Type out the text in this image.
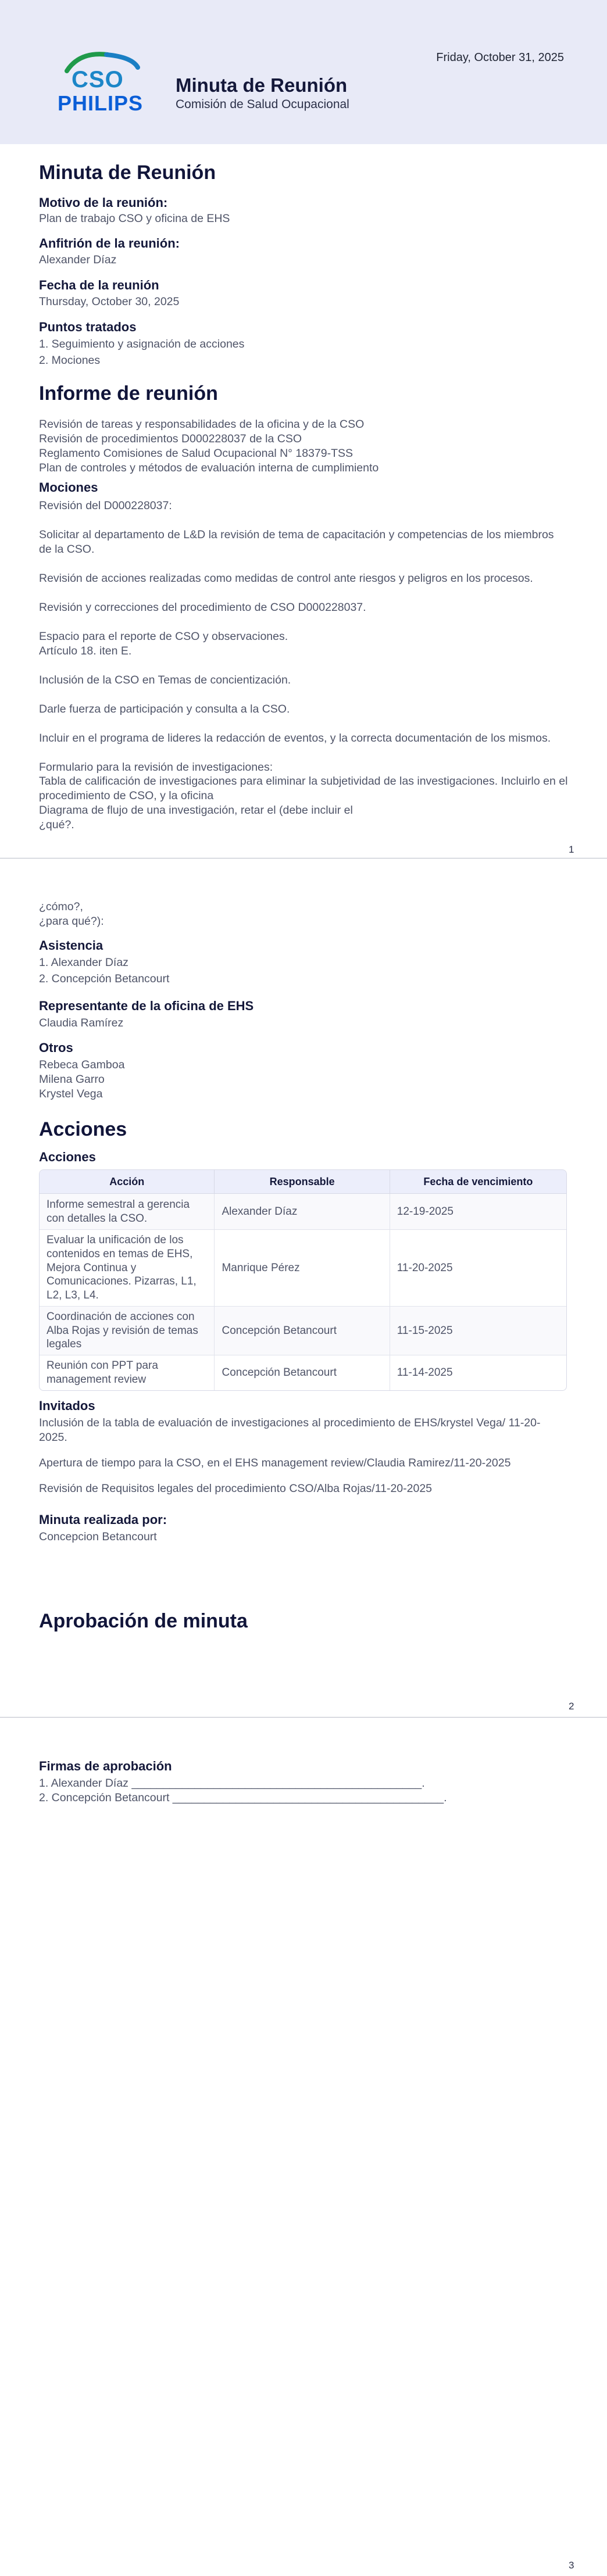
Friday, October 31, 2025
CSO
PHILIPS
Minuta de Reunión
Comisión de Salud Ocupacional
Minuta de Reunión
Motivo de la reunión:
Plan de trabajo CSO y oficina de EHS
Anfitrión de la reunión:
Alexander Díaz
Fecha de la reunión
Thursday, October 30, 2025
Puntos tratados
1. Seguimiento y asignación de acciones
2. Mociones
Informe de reunión

Revisión de tareas y responsabilidades de la oficina y de la CSO

Revisión de procedimientos D000228037 de la CSO

Reglamento Comisiones de Salud Ocupacional N° 18379-TSS

Plan de controles y métodos de evaluación interna de cumplimiento

Mociones

Revisión del D000228037:

Solicitar al departamento de L&D la revisión de tema de capacitación y competencias de los miembros de la CSO.

Revisión de acciones realizadas como medidas de control ante riesgos y peligros en los procesos.

Revisión y correcciones del procedimiento de CSO D000228037.

Espacio para el reporte de CSO y observaciones.

Artículo 18. iten E.

Inclusión de la CSO en Temas de concientización.

Darle fuerza de participación y consulta a la CSO.

Incluir en el programa de lideres la redacción de eventos, y la correcta documentación de los mismos.

Formulario para la revisión de investigaciones:

Tabla de calificación de investigaciones para eliminar la subjetividad de las investigaciones. Incluirlo en el procedimiento de CSO, y la oficina

Diagrama de flujo de una investigación, retar el (debe incluir el

¿qué?.

1

¿cómo?,

¿para qué?):

Asistencia

1. Alexander Díaz

2. Concepción Betancourt

Representante de la oficina de EHS
Claudia Ramírez
Otros

Rebeca Gamboa

Milena Garro

Krystel Vega

Acciones
Acciones
Acción	Responsable	Fecha de vencimiento
Informe semestral a gerencia con detalles la CSO.	Alexander Díaz	12-19-2025
Evaluar la unificación de los contenidos en temas de EHS, Mejora Continua y Comunicaciones. Pizarras, L1, L2, L3, L4.	Manrique Pérez	11-20-2025
Coordinación de acciones con Alba Rojas y revisión de temas legales	Concepción Betancourt	11-15-2025
Reunión con PPT para management review	Concepción Betancourt	11-14-2025
Invitados

Inclusión de la tabla de evaluación de investigaciones al procedimiento de EHS/krystel Vega/ 11-20-2025.

Apertura de tiempo para la CSO, en el EHS management review/Claudia Ramirez/11-20-2025

Revisión de Requisitos legales del procedimiento CSO/Alba Rojas/11-20-2025

Minuta realizada por:
Concepcion Betancourt
Aprobación de minuta
2
Firmas de aprobación

1. Alexander Díaz ______________________________________________.

2. Concepción Betancourt ___________________________________________.

3
